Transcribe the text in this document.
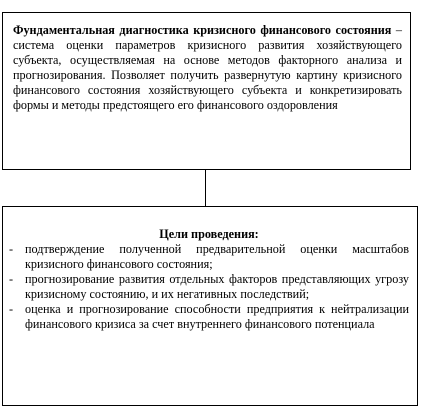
Фундаментальная диагностика кризисного финансового состояния – система оценки параметров кризисного развития хозяйствующего субъекта, осуществляемая на основе методов факторного анализа и прогнозирования. Позволяет получить развернутую картину кризисного финансового состояния хозяйствующего субъекта и конкретизировать формы и методы предстоящего его финансового оздоровления

Цели проведения:

- подтверждение полученной предварительной оценки масштабов кризисного финансового состояния;
- прогнозирование развития отдельных факторов представляющих угрозу кризисному состоянию, и их негативных последствий;
- оценка и прогнозирование способности предприятия к нейтрализации финансового кризиса за счет внутреннего финансового потенциала
